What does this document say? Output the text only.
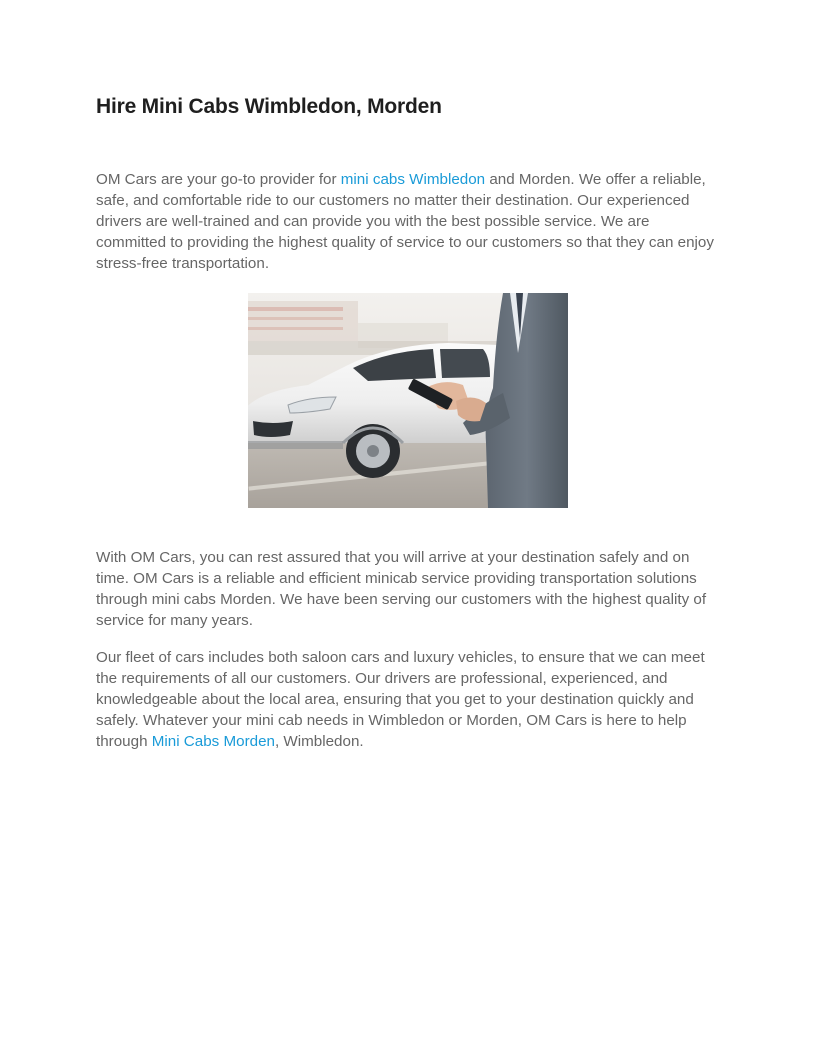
Hire Mini Cabs Wimbledon, Morden

OM Cars are your go-to provider for mini cabs Wimbledon and Morden. We offer a reliable, safe, and comfortable ride to our customers no matter their destination. Our experienced drivers are well-trained and can provide you with the best possible service. We are committed to providing the highest quality of service to our customers so that they can enjoy stress-free transportation.

With OM Cars, you can rest assured that you will arrive at your destination safely and on time. OM Cars is a reliable and efficient minicab service providing transportation solutions through mini cabs Morden. We have been serving our customers with the highest quality of service for many years.

Our fleet of cars includes both saloon cars and luxury vehicles, to ensure that we can meet the requirements of all our customers. Our drivers are professional, experienced, and knowledgeable about the local area, ensuring that you get to your destination quickly and safely. Whatever your mini cab needs in Wimbledon or Morden, OM Cars is here to help through Mini Cabs Morden, Wimbledon.
